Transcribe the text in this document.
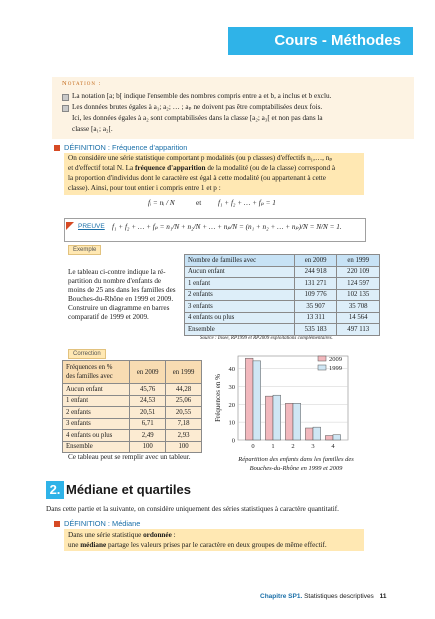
Cours - Méthodes
Notation :
La notation [a; b[ indique l'ensemble des nombres compris entre a et b, a inclus et b exclu.
Les données brutes égales à a₁; a₂; … ; aₚ ne doivent pas être comptabilisées deux fois.
Ici, les données égales à a₂ sont comptabilisées dans la classe [a₂; a₃[ et non pas dans la
classe [a₁; a₂[.
DÉFINITION : Fréquence d'apparition
On considère une série statistique comportant p modalités (ou p classes) d'effectifs n₁,…, nₚ
et d'effectif total N. La fréquence d'apparition de la modalité (ou de la classe) correspond à
la proportion d'individus dont le caractère est égal à cette modalité (ou appartenant à cette
classe). Ainsi, pour tout entier i compris entre 1 et p :
fᵢ = nᵢ / N	et f₁ + f₂ + … + fₚ = 1
PREUVE f₁ + f₂ + … + fₚ = n₁/N + n₂/N + … + nₚ/N = (n₁ + n₂ + … + nₚ)/N = N/N = 1.
Exemple
Le tableau ci-contre indique la ré-
partition du nombre d'enfants de
moins de 25 ans dans les familles des
Bouches-du-Rhône en 1999 et 2009.
Construire un diagramme en barres
comparatif de 1999 et 2009.
Nombre de familles avec	en 2009	en 1999
Aucun enfant	244 918	220 109
1 enfant	131 271	124 597
2 enfants	109 776	102 135
3 enfants	35 907	35 708
4 enfants ou plus	13 311	14 564
Ensemble	535 183	497 113
Source : Insee, RP1999 et RP2009 exploitations complémentaires.
Correction
Fréquences en %
des familles avec	en 2009	en 1999
Aucun enfant	45,76	44,28
1 enfant	24,53	25,06
2 enfants	20,51	20,55
3 enfants	6,71	7,18
4 enfants ou plus	2,49	2,93
Ensemble	100	100
Ce tableau peut se remplir avec un tableur.
0
10
20
30
40
Fréquences en %
0	1	2	3	4
2009
1999
Répartition des enfants dans les familles des
Bouches-du-Rhône en 1999 et 2009
2. Médiane et quartiles
Dans cette partie et la suivante, on considère uniquement des séries statistiques à caractère quantitatif.
DÉFINITION : Médiane
Dans une série statistique ordonnée :
une médiane partage les valeurs prises par le caractère en deux groupes de même effectif.
Chapitre SP1. Statistiques descriptives 11
